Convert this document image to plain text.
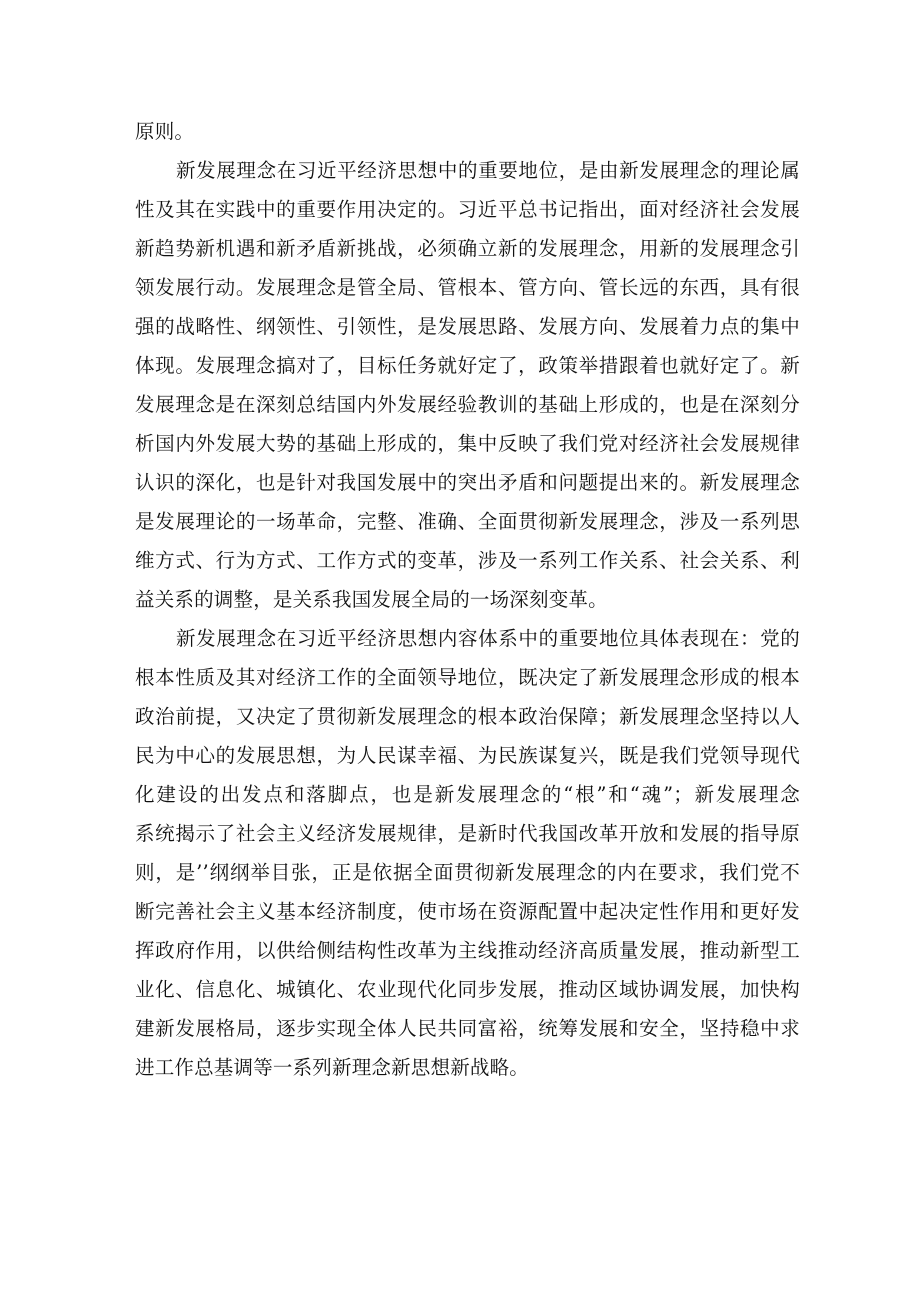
原则。
新发展理念在习近平经济思想中的重要地位，是由新发展理念的理论属
性及其在实践中的重要作用决定的。习近平总书记指出，面对经济社会发展
新趋势新机遇和新矛盾新挑战，必须确立新的发展理念，用新的发展理念引
领发展行动。发展理念是管全局、管根本、管方向、管长远的东西，具有很
强的战略性、纲领性、引领性，是发展思路、发展方向、发展着力点的集中
体现。发展理念搞对了，目标任务就好定了，政策举措跟着也就好定了。新
发展理念是在深刻总结国内外发展经验教训的基础上形成的，也是在深刻分
析国内外发展大势的基础上形成的，集中反映了我们党对经济社会发展规律
认识的深化，也是针对我国发展中的突出矛盾和问题提出来的。新发展理念
是发展理论的一场革命，完整、准确、全面贯彻新发展理念，涉及一系列思
维方式、行为方式、工作方式的变革，涉及一系列工作关系、社会关系、利
益关系的调整，是关系我国发展全局的一场深刻变革。
新发展理念在习近平经济思想内容体系中的重要地位具体表现在：党的
根本性质及其对经济工作的全面领导地位，既决定了新发展理念形成的根本
政治前提，又决定了贯彻新发展理念的根本政治保障；新发展理念坚持以人
民为中心的发展思想，为人民谋幸福、为民族谋复兴，既是我们党领导现代
化建设的出发点和落脚点，也是新发展理念的“根”和“魂”；新发展理念
系统揭示了社会主义经济发展规律，是新时代我国改革开放和发展的指导原
则，是’’纲纲举目张，正是依据全面贯彻新发展理念的内在要求，我们党不
断完善社会主义基本经济制度，使市场在资源配置中起决定性作用和更好发
挥政府作用，以供给侧结构性改革为主线推动经济高质量发展，推动新型工
业化、信息化、城镇化、农业现代化同步发展，推动区域协调发展，加快构
建新发展格局，逐步实现全体人民共同富裕，统筹发展和安全，坚持稳中求
进工作总基调等一系列新理念新思想新战略。
